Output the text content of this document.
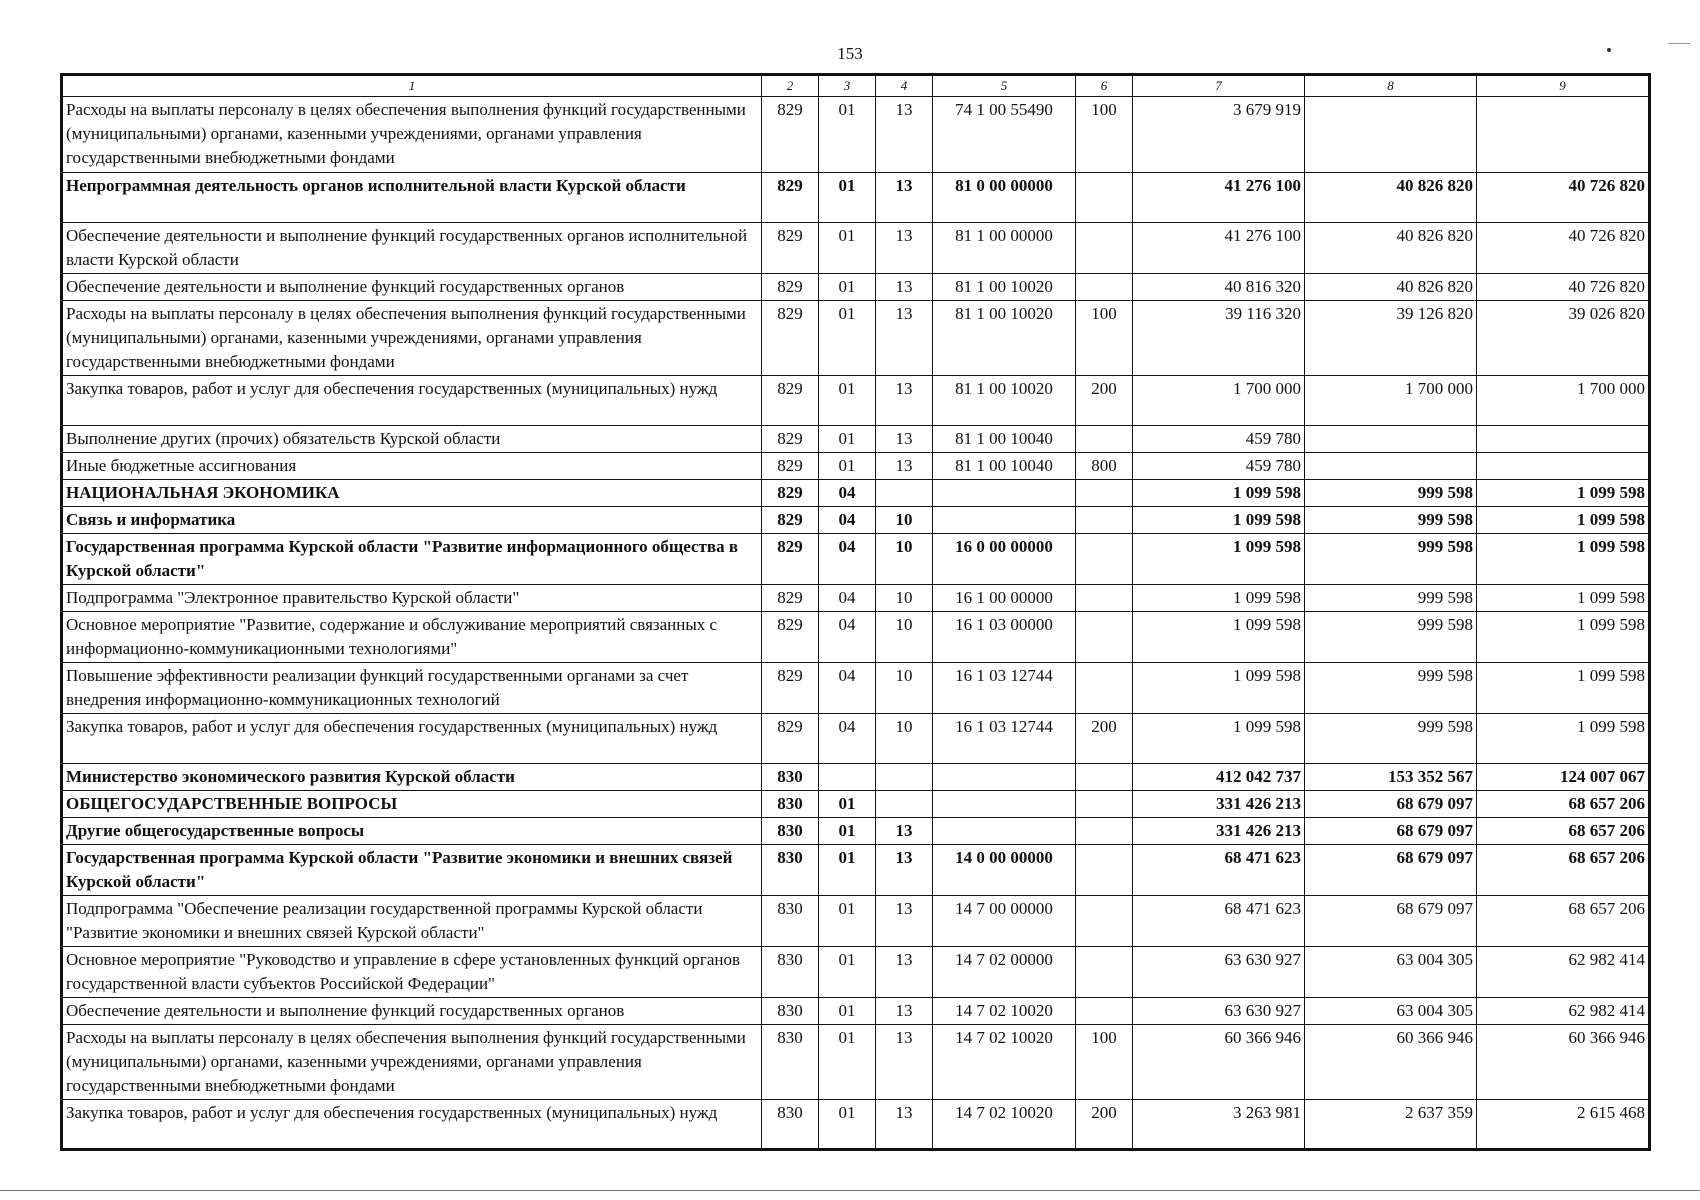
153
1	2	3	4	5	6	7	8	9
Расходы на выплаты персоналу в целях обеспечения выполнения функций государственными (муниципальными) органами, казенными учреждениями, органами управления государственными внебюджетными фондами	829	01	13	74 1 00 55490	100	3 679 919		
Непрограммная деятельность органов исполнительной власти Курской области	829	01	13	81 0 00 00000		41 276 100	40 826 820	40 726 820
Обеспечение деятельности и выполнение функций государственных органов исполнительной власти Курской области	829	01	13	81 1 00 00000		41 276 100	40 826 820	40 726 820
Обеспечение деятельности и выполнение функций государственных органов	829	01	13	81 1 00 10020		40 816 320	40 826 820	40 726 820
Расходы на выплаты персоналу в целях обеспечения выполнения функций государственными (муниципальными) органами, казенными учреждениями, органами управления государственными внебюджетными фондами	829	01	13	81 1 00 10020	100	39 116 320	39 126 820	39 026 820
Закупка товаров, работ и услуг для обеспечения государственных (муниципальных) нужд	829	01	13	81 1 00 10020	200	1 700 000	1 700 000	1 700 000
Выполнение других (прочих) обязательств Курской области	829	01	13	81 1 00 10040		459 780		
Иные бюджетные ассигнования	829	01	13	81 1 00 10040	800	459 780		
НАЦИОНАЛЬНАЯ ЭКОНОМИКА	829	04				1 099 598	999 598	1 099 598
Связь и информатика	829	04	10			1 099 598	999 598	1 099 598
Государственная программа Курской области "Развитие информационного общества в Курской области"	829	04	10	16 0 00 00000		1 099 598	999 598	1 099 598
Подпрограмма "Электронное правительство Курской области"	829	04	10	16 1 00 00000		1 099 598	999 598	1 099 598
Основное мероприятие "Развитие, содержание и обслуживание мероприятий связанных с информационно-коммуникационными технологиями"	829	04	10	16 1 03 00000		1 099 598	999 598	1 099 598
Повышение эффективности реализации функций государственными органами за счет внедрения информационно-коммуникационных технологий	829	04	10	16 1 03 12744		1 099 598	999 598	1 099 598
Закупка товаров, работ и услуг для обеспечения государственных (муниципальных) нужд	829	04	10	16 1 03 12744	200	1 099 598	999 598	1 099 598
Министерство экономического развития Курской области	830					412 042 737	153 352 567	124 007 067
ОБЩЕГОСУДАРСТВЕННЫЕ ВОПРОСЫ	830	01				331 426 213	68 679 097	68 657 206
Другие общегосударственные вопросы	830	01	13			331 426 213	68 679 097	68 657 206
Государственная программа Курской области "Развитие экономики и внешних связей Курской области"	830	01	13	14 0 00 00000		68 471 623	68 679 097	68 657 206
Подпрограмма "Обеспечение реализации государственной программы Курской области "Развитие экономики и внешних связей Курской области"	830	01	13	14 7 00 00000		68 471 623	68 679 097	68 657 206
Основное мероприятие "Руководство и управление в сфере установленных функций органов государственной власти субъектов Российской Федерации"	830	01	13	14 7 02 00000		63 630 927	63 004 305	62 982 414
Обеспечение деятельности и выполнение функций государственных органов	830	01	13	14 7 02 10020		63 630 927	63 004 305	62 982 414
Расходы на выплаты персоналу в целях обеспечения выполнения функций государственными (муниципальными) органами, казенными учреждениями, органами управления государственными внебюджетными фондами	830	01	13	14 7 02 10020	100	60 366 946	60 366 946	60 366 946
Закупка товаров, работ и услуг для обеспечения государственных (муниципальных) нужд	830	01	13	14 7 02 10020	200	3 263 981	2 637 359	2 615 468
